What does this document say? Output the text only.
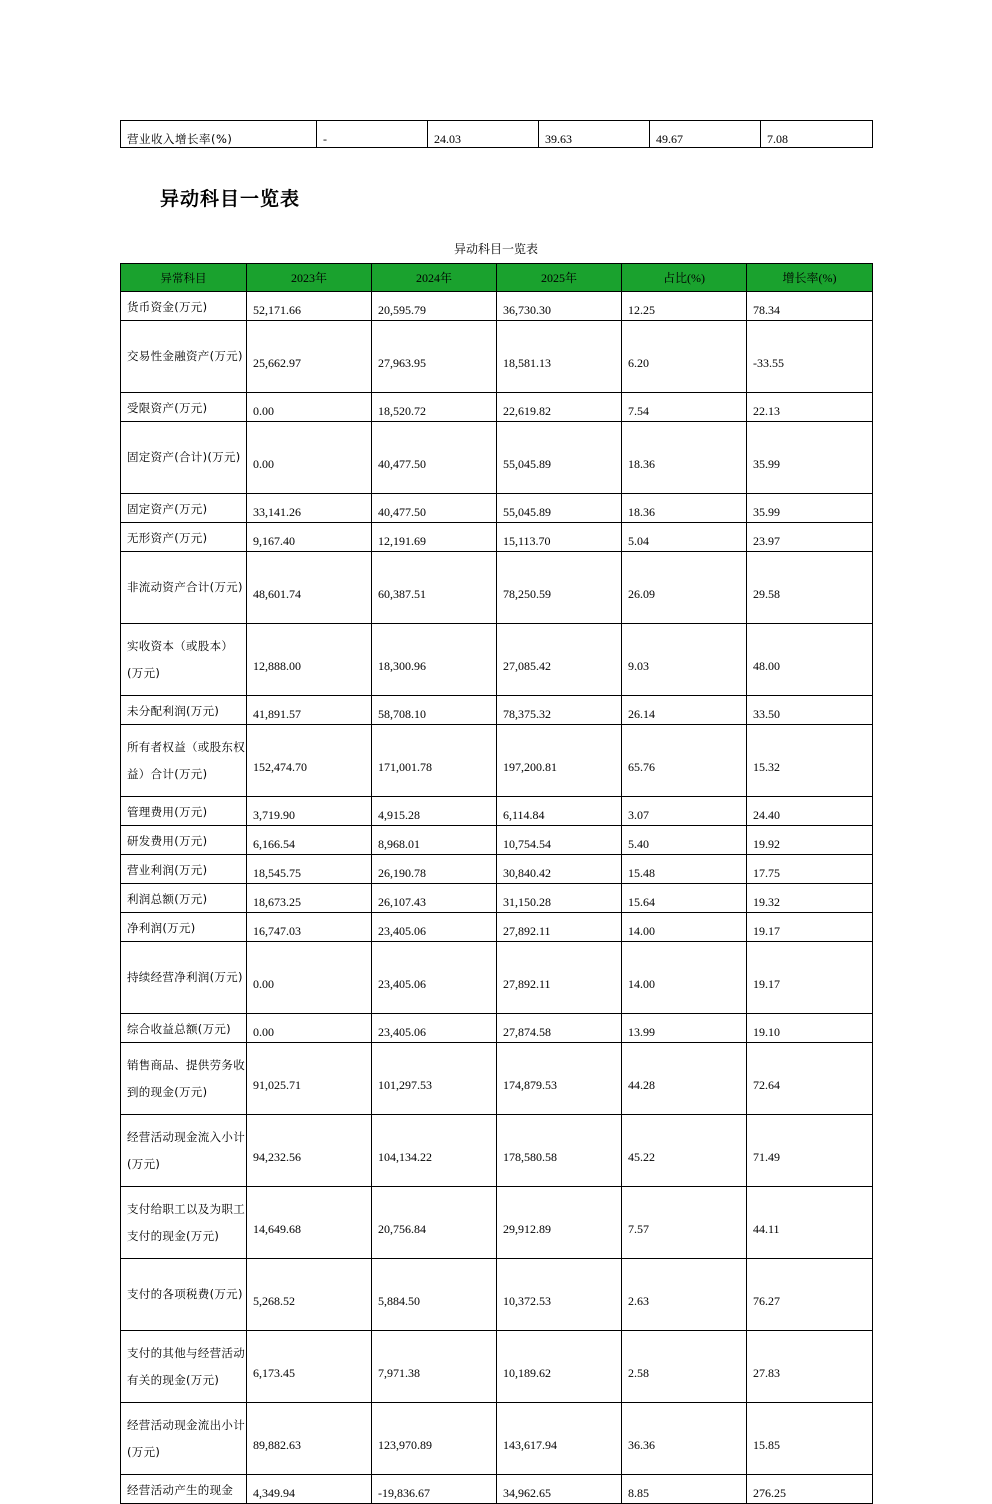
营业收入增长率(%)	-	24.03	39.63	49.67	7.08
异动科目一览表
异动科目一览表
异常科目	2023年	2024年	2025年	占比(%)	增长率(%)
货币资金(万元)	52,171.66	20,595.79	36,730.30	12.25	78.34
交易性金融资产(万元)	25,662.97	27,963.95	18,581.13	6.20	-33.55
受限资产(万元)	0.00	18,520.72	22,619.82	7.54	22.13
固定资产(合计)(万元)	0.00	40,477.50	55,045.89	18.36	35.99
固定资产(万元)	33,141.26	40,477.50	55,045.89	18.36	35.99
无形资产(万元)	9,167.40	12,191.69	15,113.70	5.04	23.97
非流动资产合计(万元)	48,601.74	60,387.51	78,250.59	26.09	29.58
实收资本（或股本）(万元)	12,888.00	18,300.96	27,085.42	9.03	48.00
未分配利润(万元)	41,891.57	58,708.10	78,375.32	26.14	33.50
所有者权益（或股东权益）合计(万元)	152,474.70	171,001.78	197,200.81	65.76	15.32
管理费用(万元)	3,719.90	4,915.28	6,114.84	3.07	24.40
研发费用(万元)	6,166.54	8,968.01	10,754.54	5.40	19.92
营业利润(万元)	18,545.75	26,190.78	30,840.42	15.48	17.75
利润总额(万元)	18,673.25	26,107.43	31,150.28	15.64	19.32
净利润(万元)	16,747.03	23,405.06	27,892.11	14.00	19.17
持续经营净利润(万元)	0.00	23,405.06	27,892.11	14.00	19.17
综合收益总额(万元)	0.00	23,405.06	27,874.58	13.99	19.10
销售商品、提供劳务收到的现金(万元)	91,025.71	101,297.53	174,879.53	44.28	72.64
经营活动现金流入小计(万元)	94,232.56	104,134.22	178,580.58	45.22	71.49
支付给职工以及为职工支付的现金(万元)	14,649.68	20,756.84	29,912.89	7.57	44.11
支付的各项税费(万元)	5,268.52	5,884.50	10,372.53	2.63	76.27
支付的其他与经营活动有关的现金(万元)	6,173.45	7,971.38	10,189.62	2.58	27.83
经营活动现金流出小计(万元)	89,882.63	123,970.89	143,617.94	36.36	15.85
经营活动产生的现金	4,349.94	-19,836.67	34,962.65	8.85	276.25
